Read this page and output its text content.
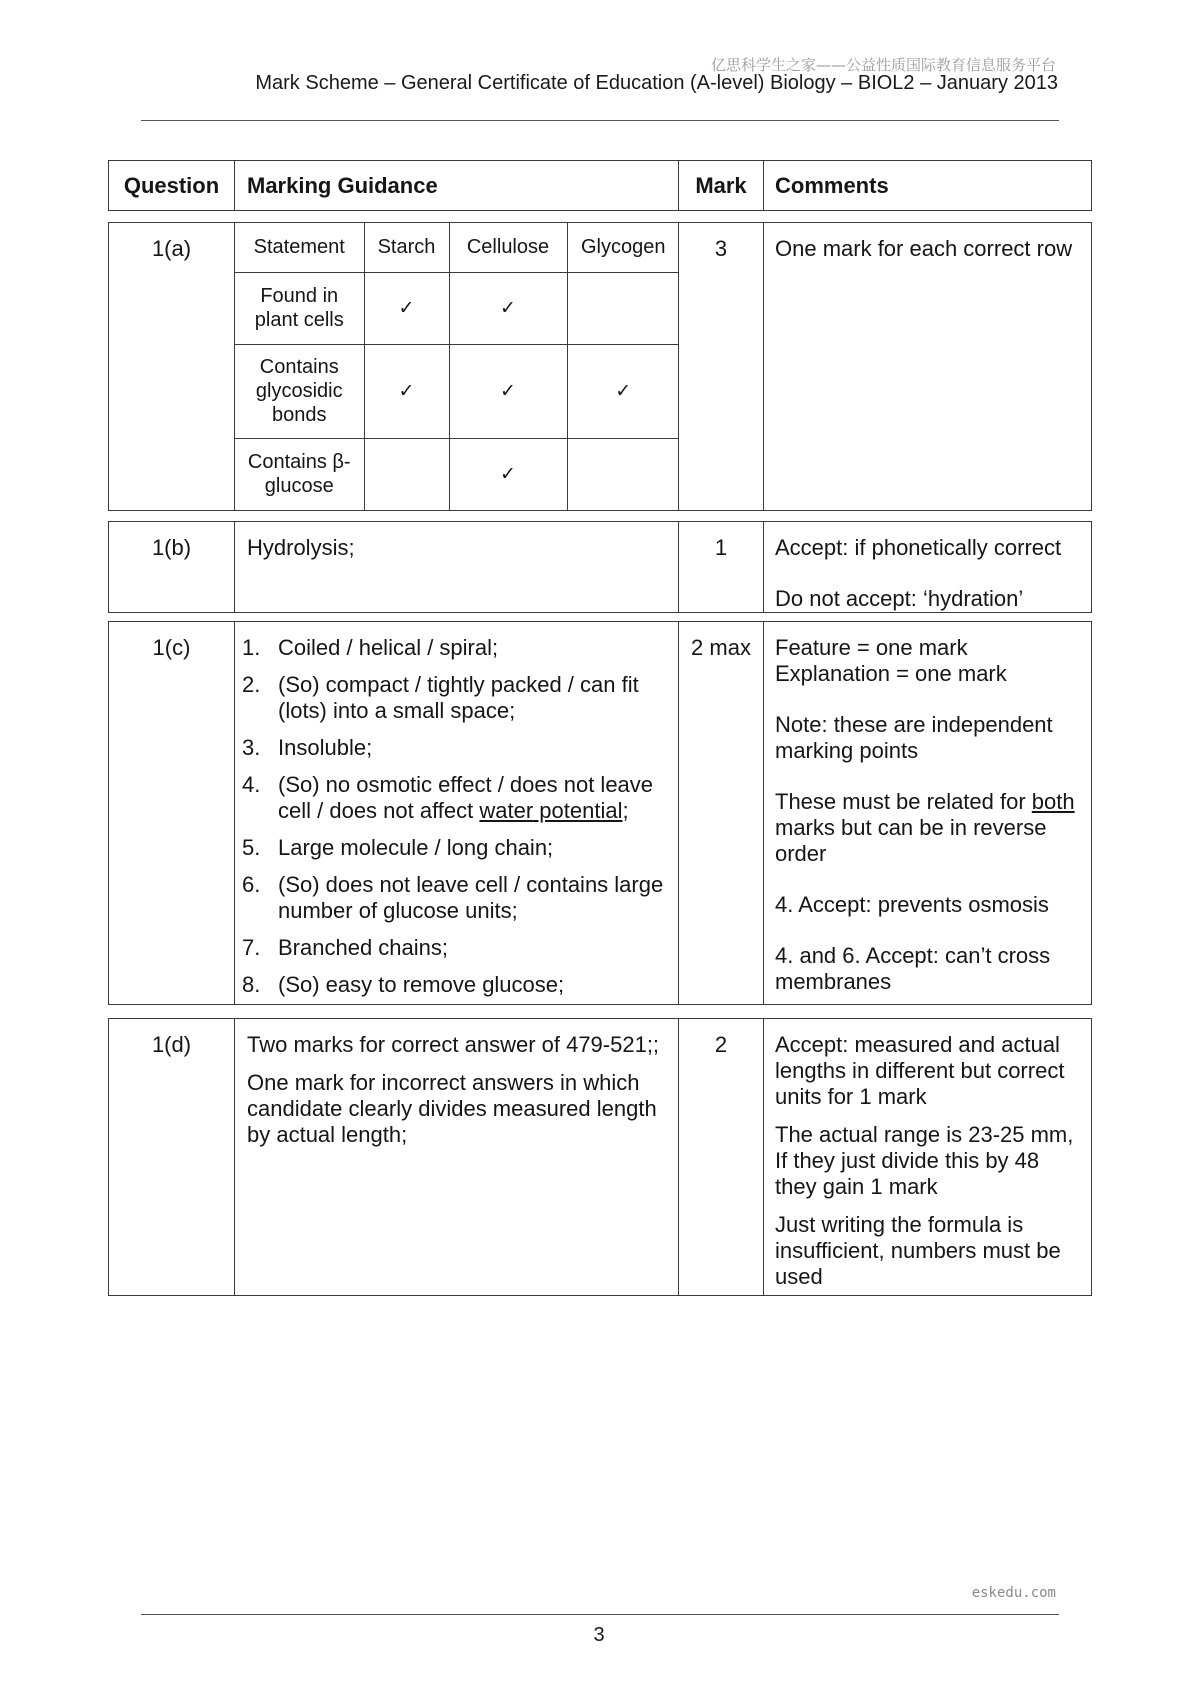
亿思科学生之家——公益性质国际教育信息服务平台
Mark Scheme – General Certificate of Education (A-level) Biology – BIOL2 – January 2013
Question	Marking Guidance	Mark	Comments
1(a)		Statement	Starch	Cellulose	Glycogen
Found in plant cells	✓	✓	
Contains glycosidic bonds	✓	✓	✓
Contains β-glucose		✓	
	3	One mark for each correct row
1(b)	Hydrolysis;	1	Accept: if phonetically correct
Do not accept: ‘hydration’
1(c)	1. Coiled / helical / spiral;
2. (So) compact / tightly packed / can fit (lots) into a small space;
3. Insoluble;
4. (So) no osmotic effect / does not leave cell / does not affect water potential;
5. Large molecule / long chain;
6. (So) does not leave cell / contains large number of glucose units;
7. Branched chains;
8. (So) easy to remove glucose;
	2 max	Feature = one mark
Explanation = one mark
Note: these are independent marking points
These must be related for both marks but can be in reverse order
4. Accept: prevents osmosis
4. and 6. Accept: can’t cross membranes
1(d)	Two marks for correct answer of 479-521;;
One mark for incorrect answers in which candidate clearly divides measured length by actual length;
	2	Accept: measured and actual lengths in different but correct units for 1 mark
The actual range is 23-25 mm, If they just divide this by 48 they gain 1 mark
Just writing the formula is insufficient, numbers must be used
eskedu.com
3
